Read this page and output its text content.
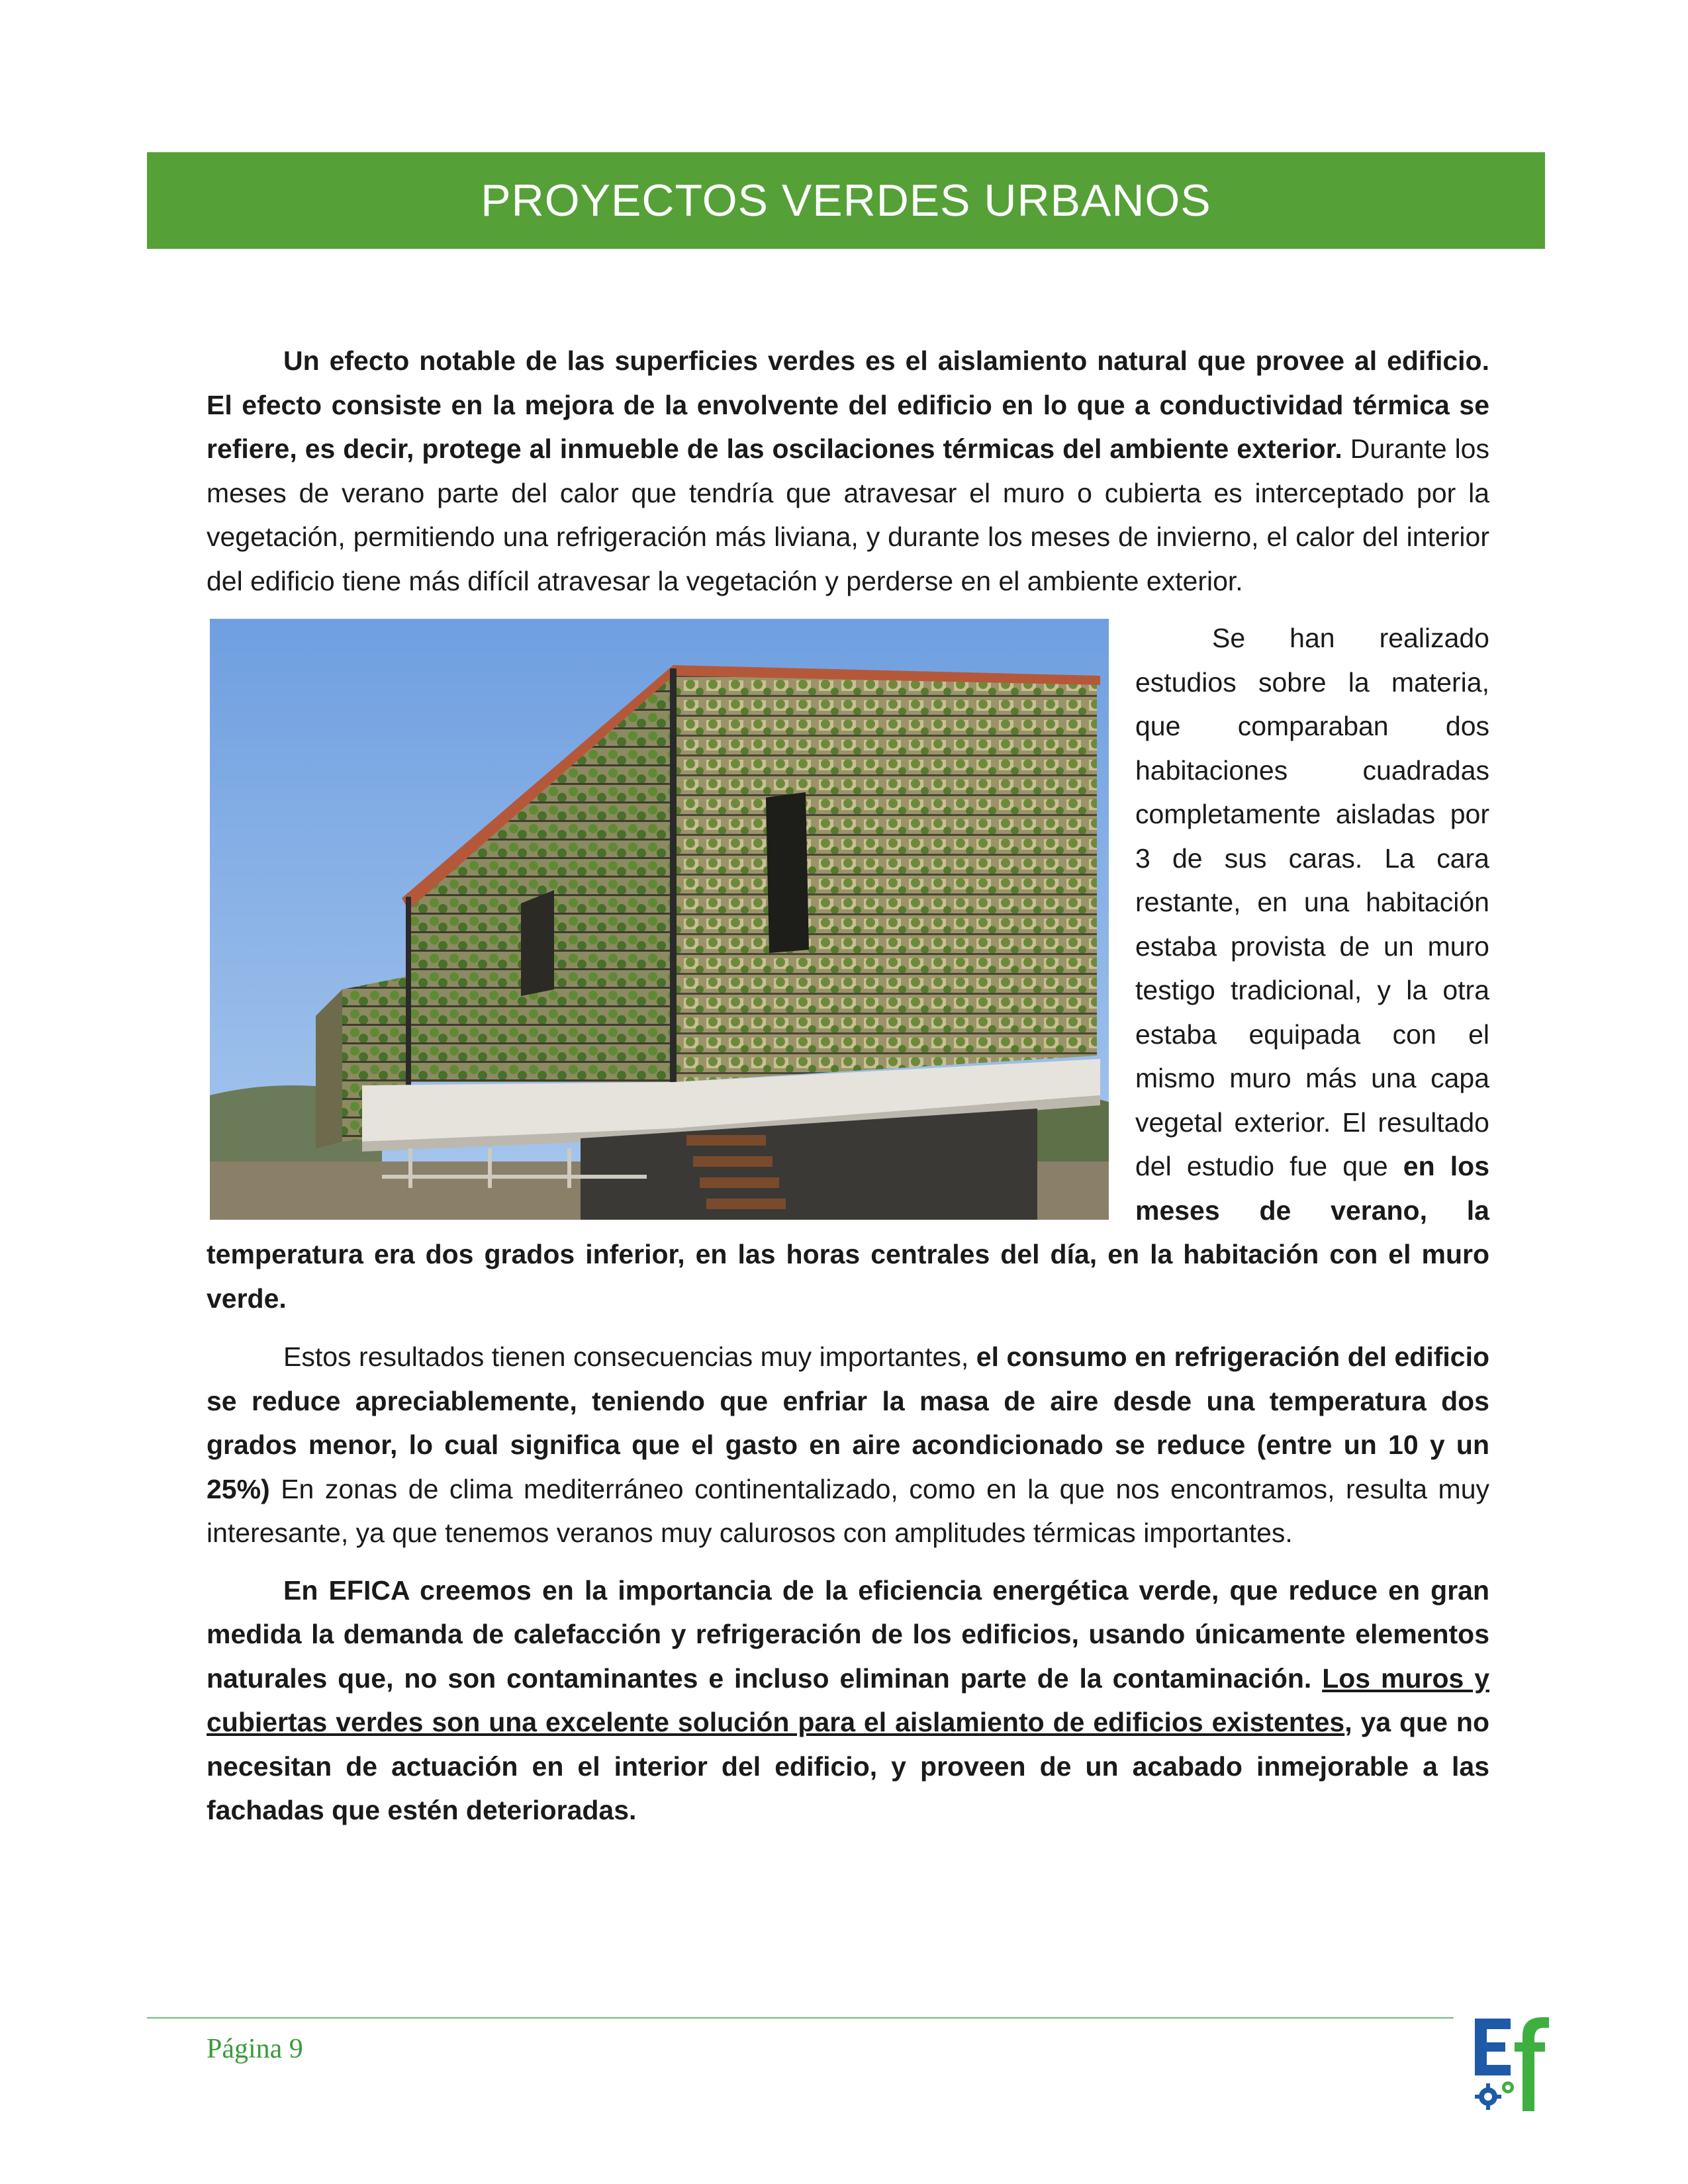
PROYECTOS VERDES URBANOS

Un efecto notable de las superficies verdes es el aislamiento natural que provee al edificio. El efecto consiste en la mejora de la envolvente del edificio en lo que a conductividad térmica se refiere, es decir, protege al inmueble de las oscilaciones térmicas del ambiente exterior. Durante los meses de verano parte del calor que tendría que atravesar el muro o cubierta es interceptado por la vegetación, permitiendo una refrigeración más liviana, y durante los meses de invierno, el calor del interior del edificio tiene más difícil atravesar la vegetación y perderse en el ambiente exterior.

Se han realizado estudios sobre la materia, que comparaban dos habitaciones cuadradas completamente aisladas por 3 de sus caras. La cara restante, en una habitación estaba provista de un muro testigo tradicional, y la otra estaba equipada con el mismo muro más una capa vegetal exterior. El resultado del estudio fue que en los meses de verano, la temperatura era dos grados inferior, en las horas centrales del día, en la habitación con el muro verde.

Estos resultados tienen consecuencias muy importantes, el consumo en refrigeración del edificio se reduce apreciablemente, teniendo que enfriar la masa de aire desde una temperatura dos grados menor, lo cual significa que el gasto en aire acondicionado se reduce (entre un 10 y un 25%) En zonas de clima mediterráneo continentalizado, como en la que nos encontramos, resulta muy interesante, ya que tenemos veranos muy calurosos con amplitudes térmicas importantes.

En EFICA creemos en la importancia de la eficiencia energética verde, que reduce en gran medida la demanda de calefacción y refrigeración de los edificios, usando únicamente elementos naturales que, no son contaminantes e incluso eliminan parte de la contaminación. Los muros y cubiertas verdes son una excelente solución para el aislamiento de edificios existentes, ya que no necesitan de actuación en el interior del edificio, y proveen de un acabado inmejorable a las fachadas que estén deterioradas.

Página 9
